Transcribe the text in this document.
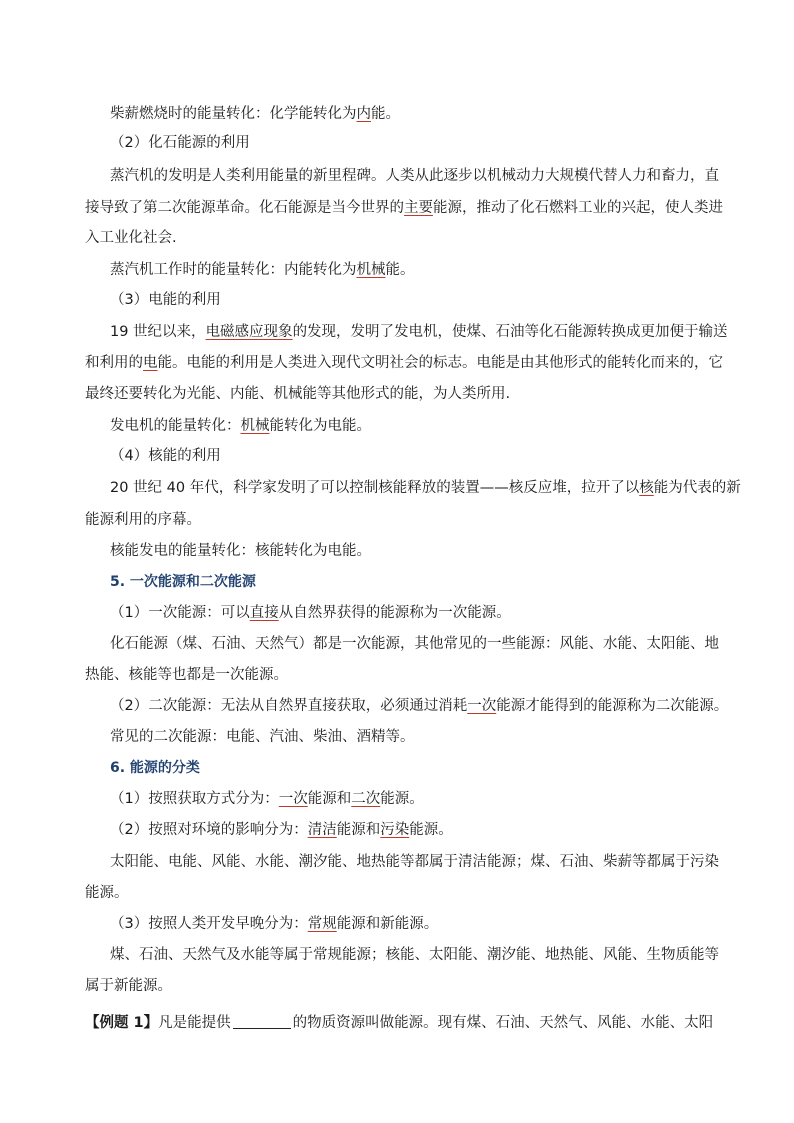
柴薪燃烧时的能量转化：化学能转化为内能。

（2）化石能源的利用

蒸汽机的发明是人类利用能量的新里程碑。人类从此逐步以机械动力大规模代替人力和畜力，直

接导致了第二次能源革命。化石能源是当今世界的主要能源，推动了化石燃料工业的兴起，使人类进

入工业化社会.

蒸汽机工作时的能量转化：内能转化为机械能。

（3）电能的利用

19 世纪以来，电磁感应现象的发现，发明了发电机，使煤、石油等化石能源转换成更加便于输送

和利用的电能。电能的利用是人类进入现代文明社会的标志。电能是由其他形式的能转化而来的，它

最终还要转化为光能、内能、机械能等其他形式的能，为人类所用.

发电机的能量转化：机械能转化为电能。

（4）核能的利用

20 世纪 40 年代，科学家发明了可以控制核能释放的装置——核反应堆，拉开了以核能为代表的新

能源利用的序幕。

核能发电的能量转化：核能转化为电能。

5. 一次能源和二次能源

（1）一次能源：可以直接从自然界获得的能源称为一次能源。

化石能源（煤、石油、天然气）都是一次能源，其他常见的一些能源：风能、水能、太阳能、地

热能、核能等也都是一次能源。

（2）二次能源：无法从自然界直接获取，必须通过消耗一次能源才能得到的能源称为二次能源。

常见的二次能源：电能、汽油、柴油、酒精等。

6. 能源的分类

（1）按照获取方式分为：一次能源和二次能源。

（2）按照对环境的影响分为：清洁能源和污染能源。

太阳能、电能、风能、水能、潮汐能、地热能等都属于清洁能源；煤、石油、柴薪等都属于污染

能源。

（3）按照人类开发早晚分为：常规能源和新能源。

煤、石油、天然气及水能等属于常规能源；核能、太阳能、潮汐能、地热能、风能、生物质能等

属于新能源。

【例题 1】凡是能提供	的物质资源叫做能源。现有煤、石油、天然气、风能、水能、太阳
